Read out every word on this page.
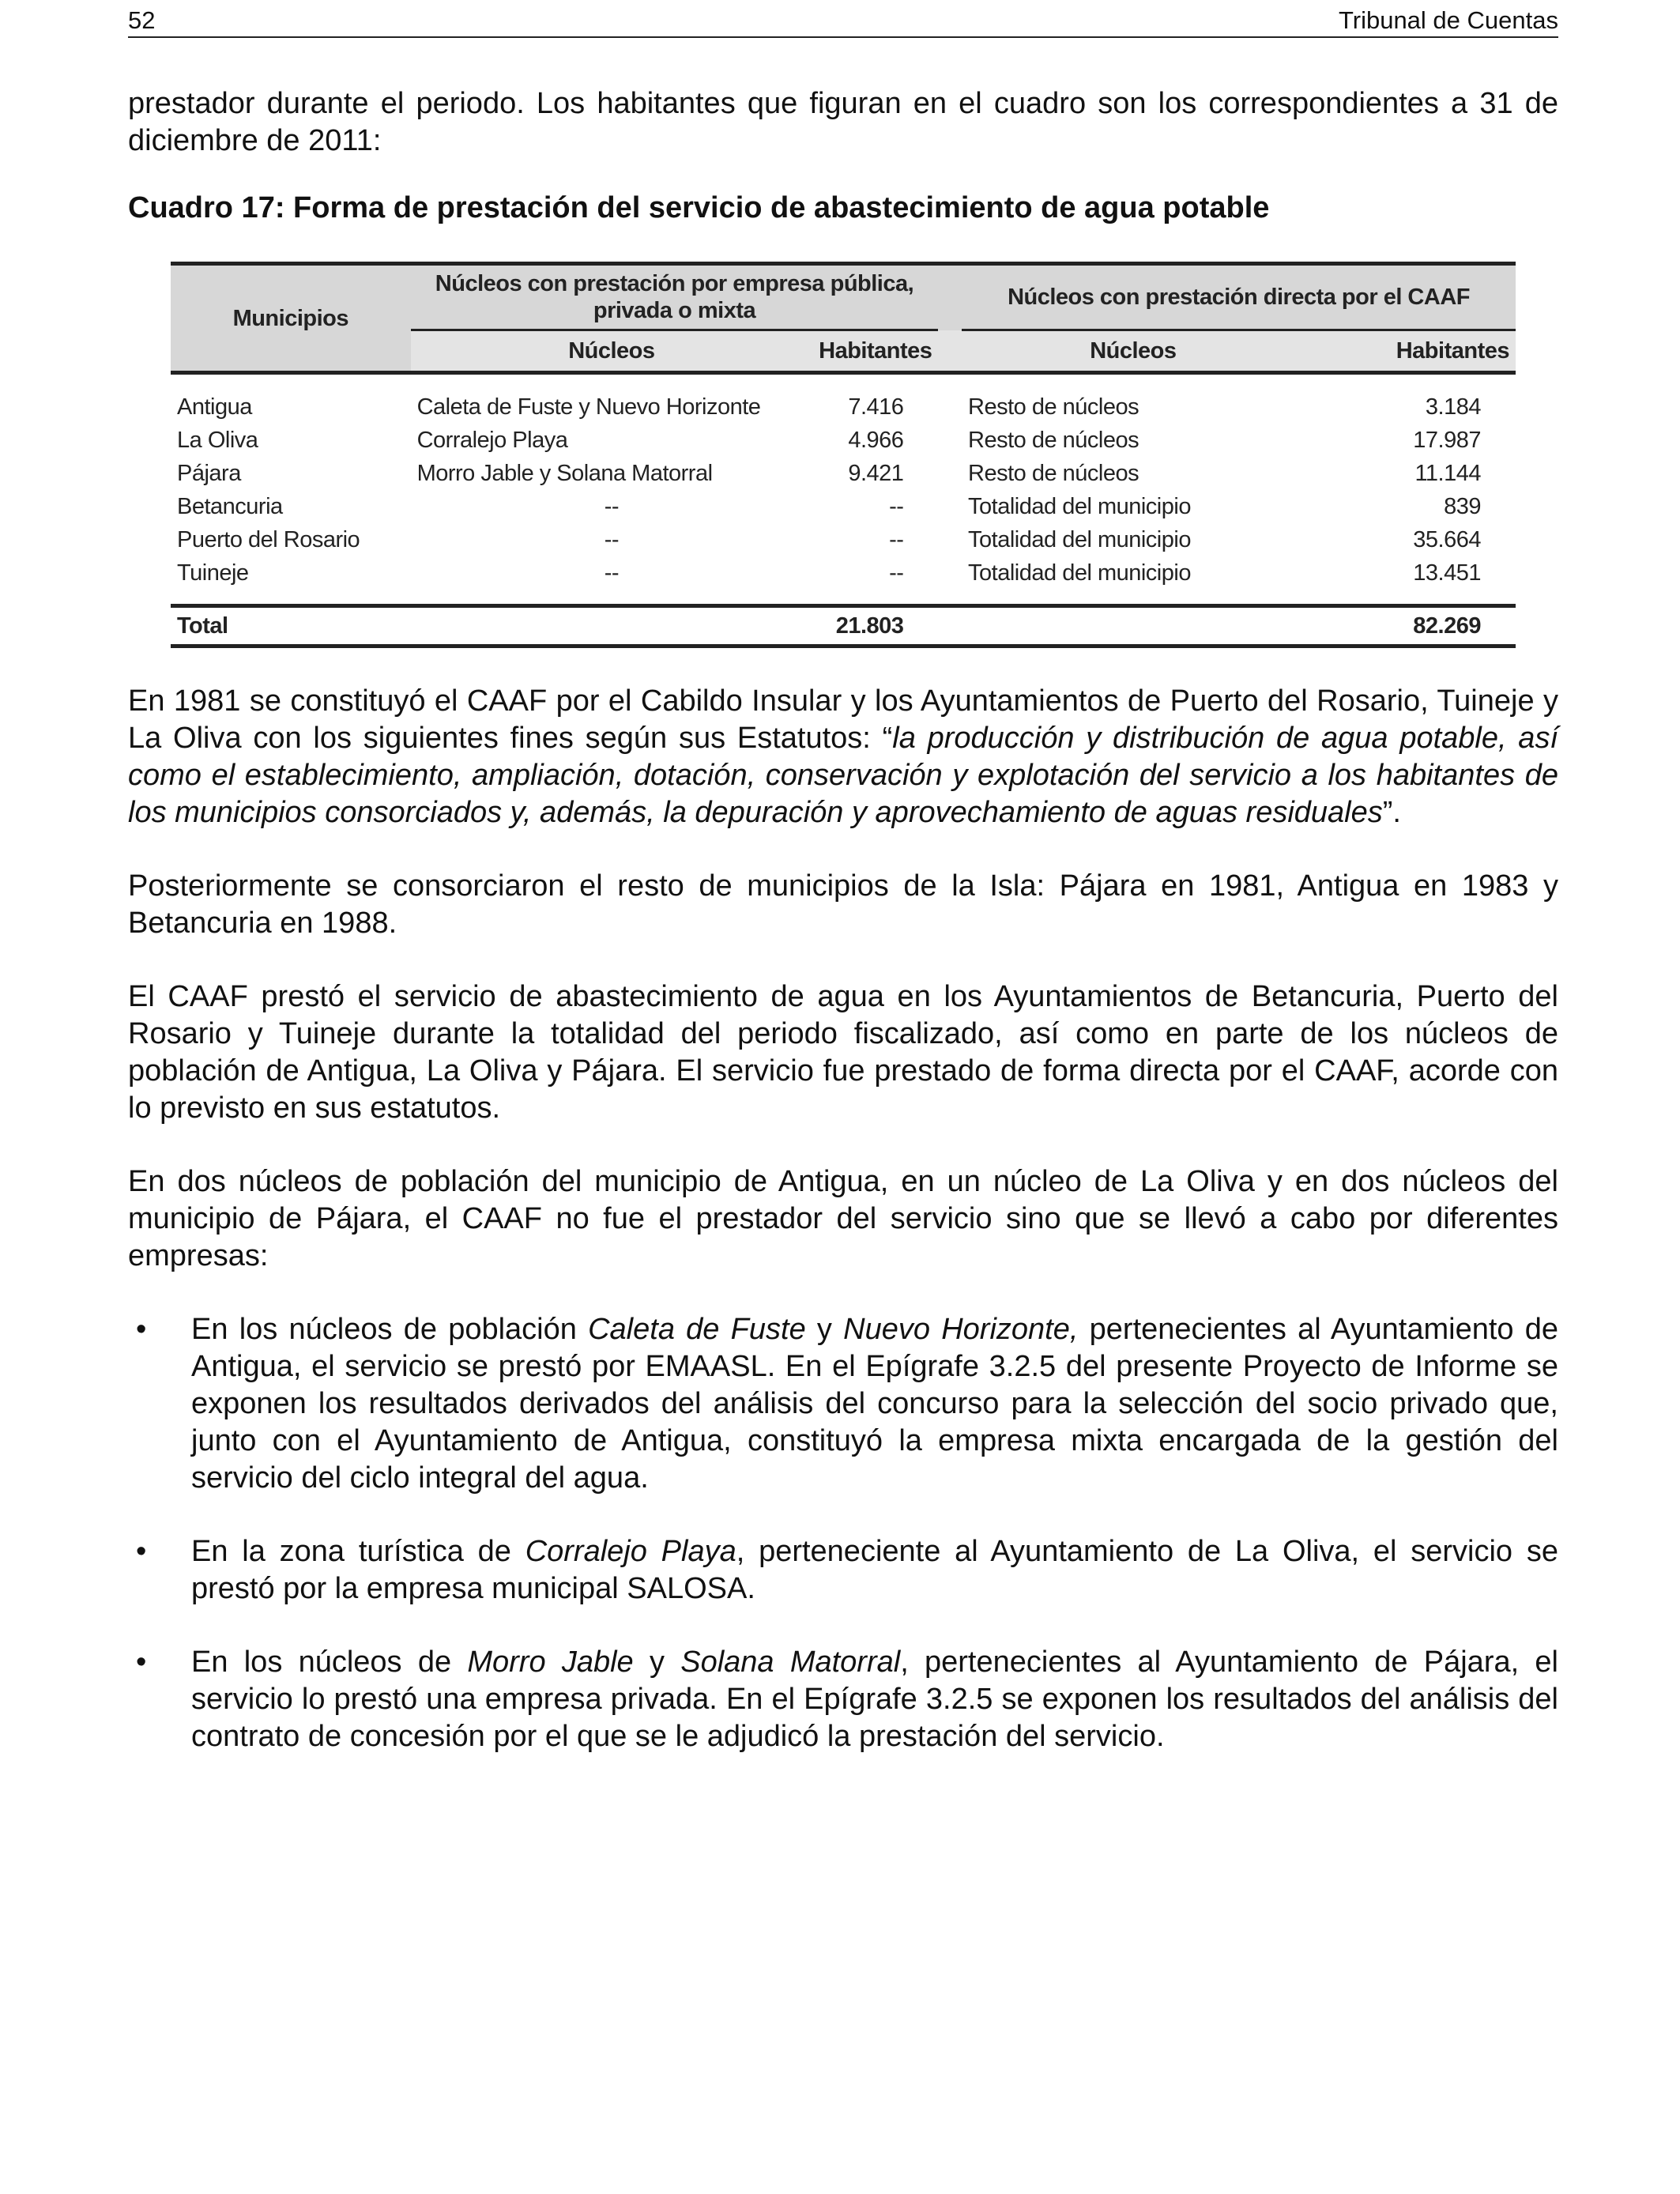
52	Tribunal de Cuentas

prestador durante el periodo. Los habitantes que figuran en el cuadro son los correspondientes a 31 de diciembre de 2011:

Cuadro 17: Forma de prestación del servicio de abastecimiento de agua potable
Municipios	Núcleos con prestación por empresa pública, privada o mixta			Núcleos con prestación directa por el CAAF	
	Núcleos	Habitantes		Núcleos	Habitantes
Antigua	Caleta de Fuste y Nuevo Horizonte	7.416		Resto de núcleos	3.184
La Oliva	Corralejo Playa	4.966		Resto de núcleos	17.987
Pájara	Morro Jable y Solana Matorral	9.421		Resto de núcleos	11.144
Betancuria	--	--		Totalidad del municipio	839
Puerto del Rosario	--	--		Totalidad del municipio	35.664
Tuineje	--	--		Totalidad del municipio	13.451
Total		21.803			82.269

En 1981 se constituyó el CAAF por el Cabildo Insular y los Ayuntamientos de Puerto del Rosario, Tuineje y La Oliva con los siguientes fines según sus Estatutos: “la producción y distribución de agua potable, así como el establecimiento, ampliación, dotación, conservación y explotación del servicio a los habitantes de los municipios consorciados y, además, la depuración y aprovechamiento de aguas residuales”.

Posteriormente se consorciaron el resto de municipios de la Isla: Pájara en 1981, Antigua en 1983 y Betancuria en 1988.

El CAAF prestó el servicio de abastecimiento de agua en los Ayuntamientos de Betancuria, Puerto del Rosario y Tuineje durante la totalidad del periodo fiscalizado, así como en parte de los núcleos de población de Antigua, La Oliva y Pájara. El servicio fue prestado de forma directa por el CAAF, acorde con lo previsto en sus estatutos.

En dos núcleos de población del municipio de Antigua, en un núcleo de La Oliva y en dos núcleos del municipio de Pájara, el CAAF no fue el prestador del servicio sino que se llevó a cabo por diferentes empresas:

• En los núcleos de población Caleta de Fuste y Nuevo Horizonte, pertenecientes al Ayuntamiento de Antigua, el servicio se prestó por EMAASL. En el Epígrafe 3.2.5 del presente Proyecto de Informe se exponen los resultados derivados del análisis del concurso para la selección del socio privado que, junto con el Ayuntamiento de Antigua, constituyó la empresa mixta encargada de la gestión del servicio del ciclo integral del agua.
• En la zona turística de Corralejo Playa, perteneciente al Ayuntamiento de La Oliva, el servicio se prestó por la empresa municipal SALOSA.
• En los núcleos de Morro Jable y Solana Matorral, pertenecientes al Ayuntamiento de Pájara, el servicio lo prestó una empresa privada. En el Epígrafe 3.2.5 se exponen los resultados del análisis del contrato de concesión por el que se le adjudicó la prestación del servicio.
